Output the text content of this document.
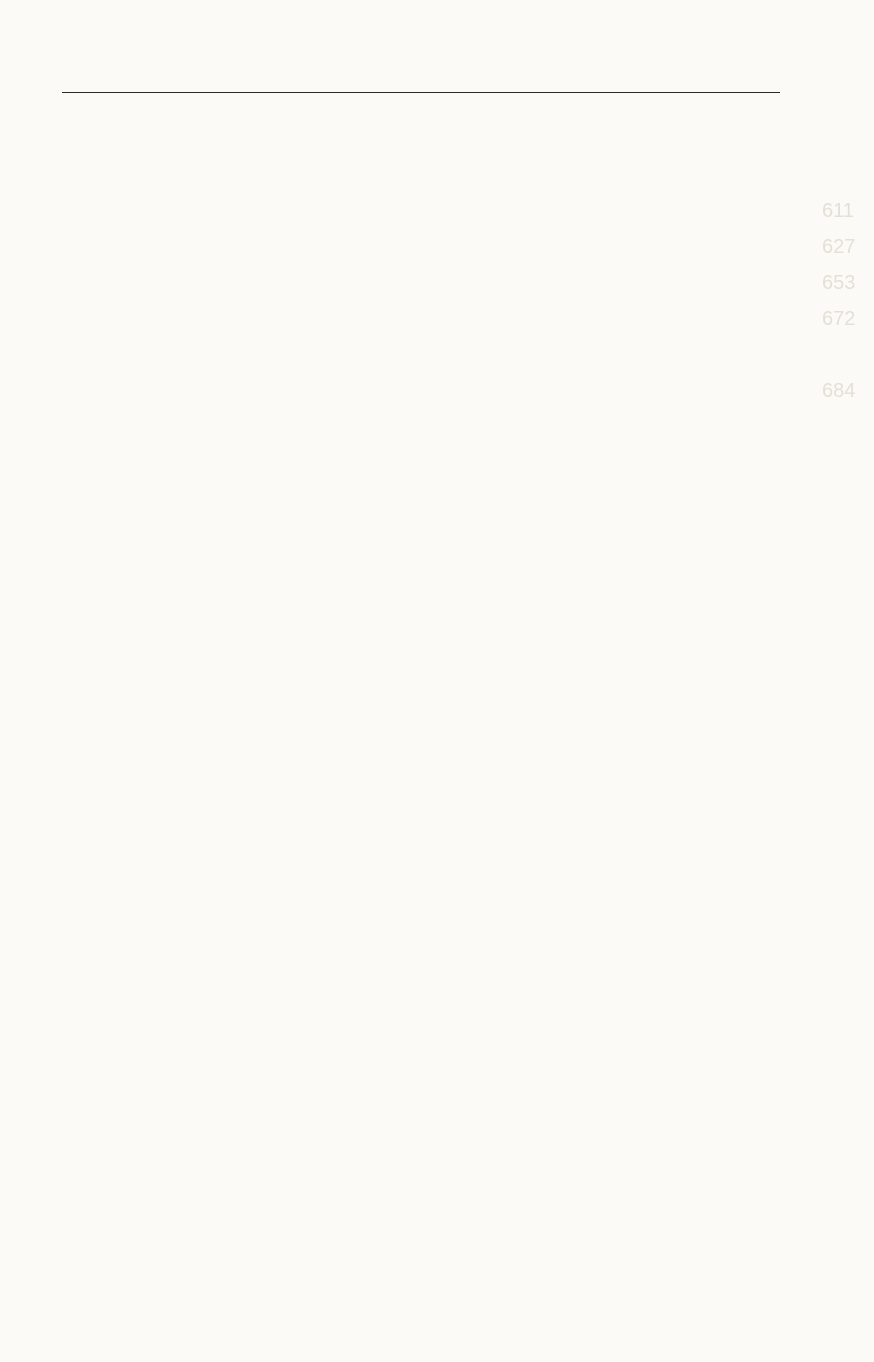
611
627
653
672
684
